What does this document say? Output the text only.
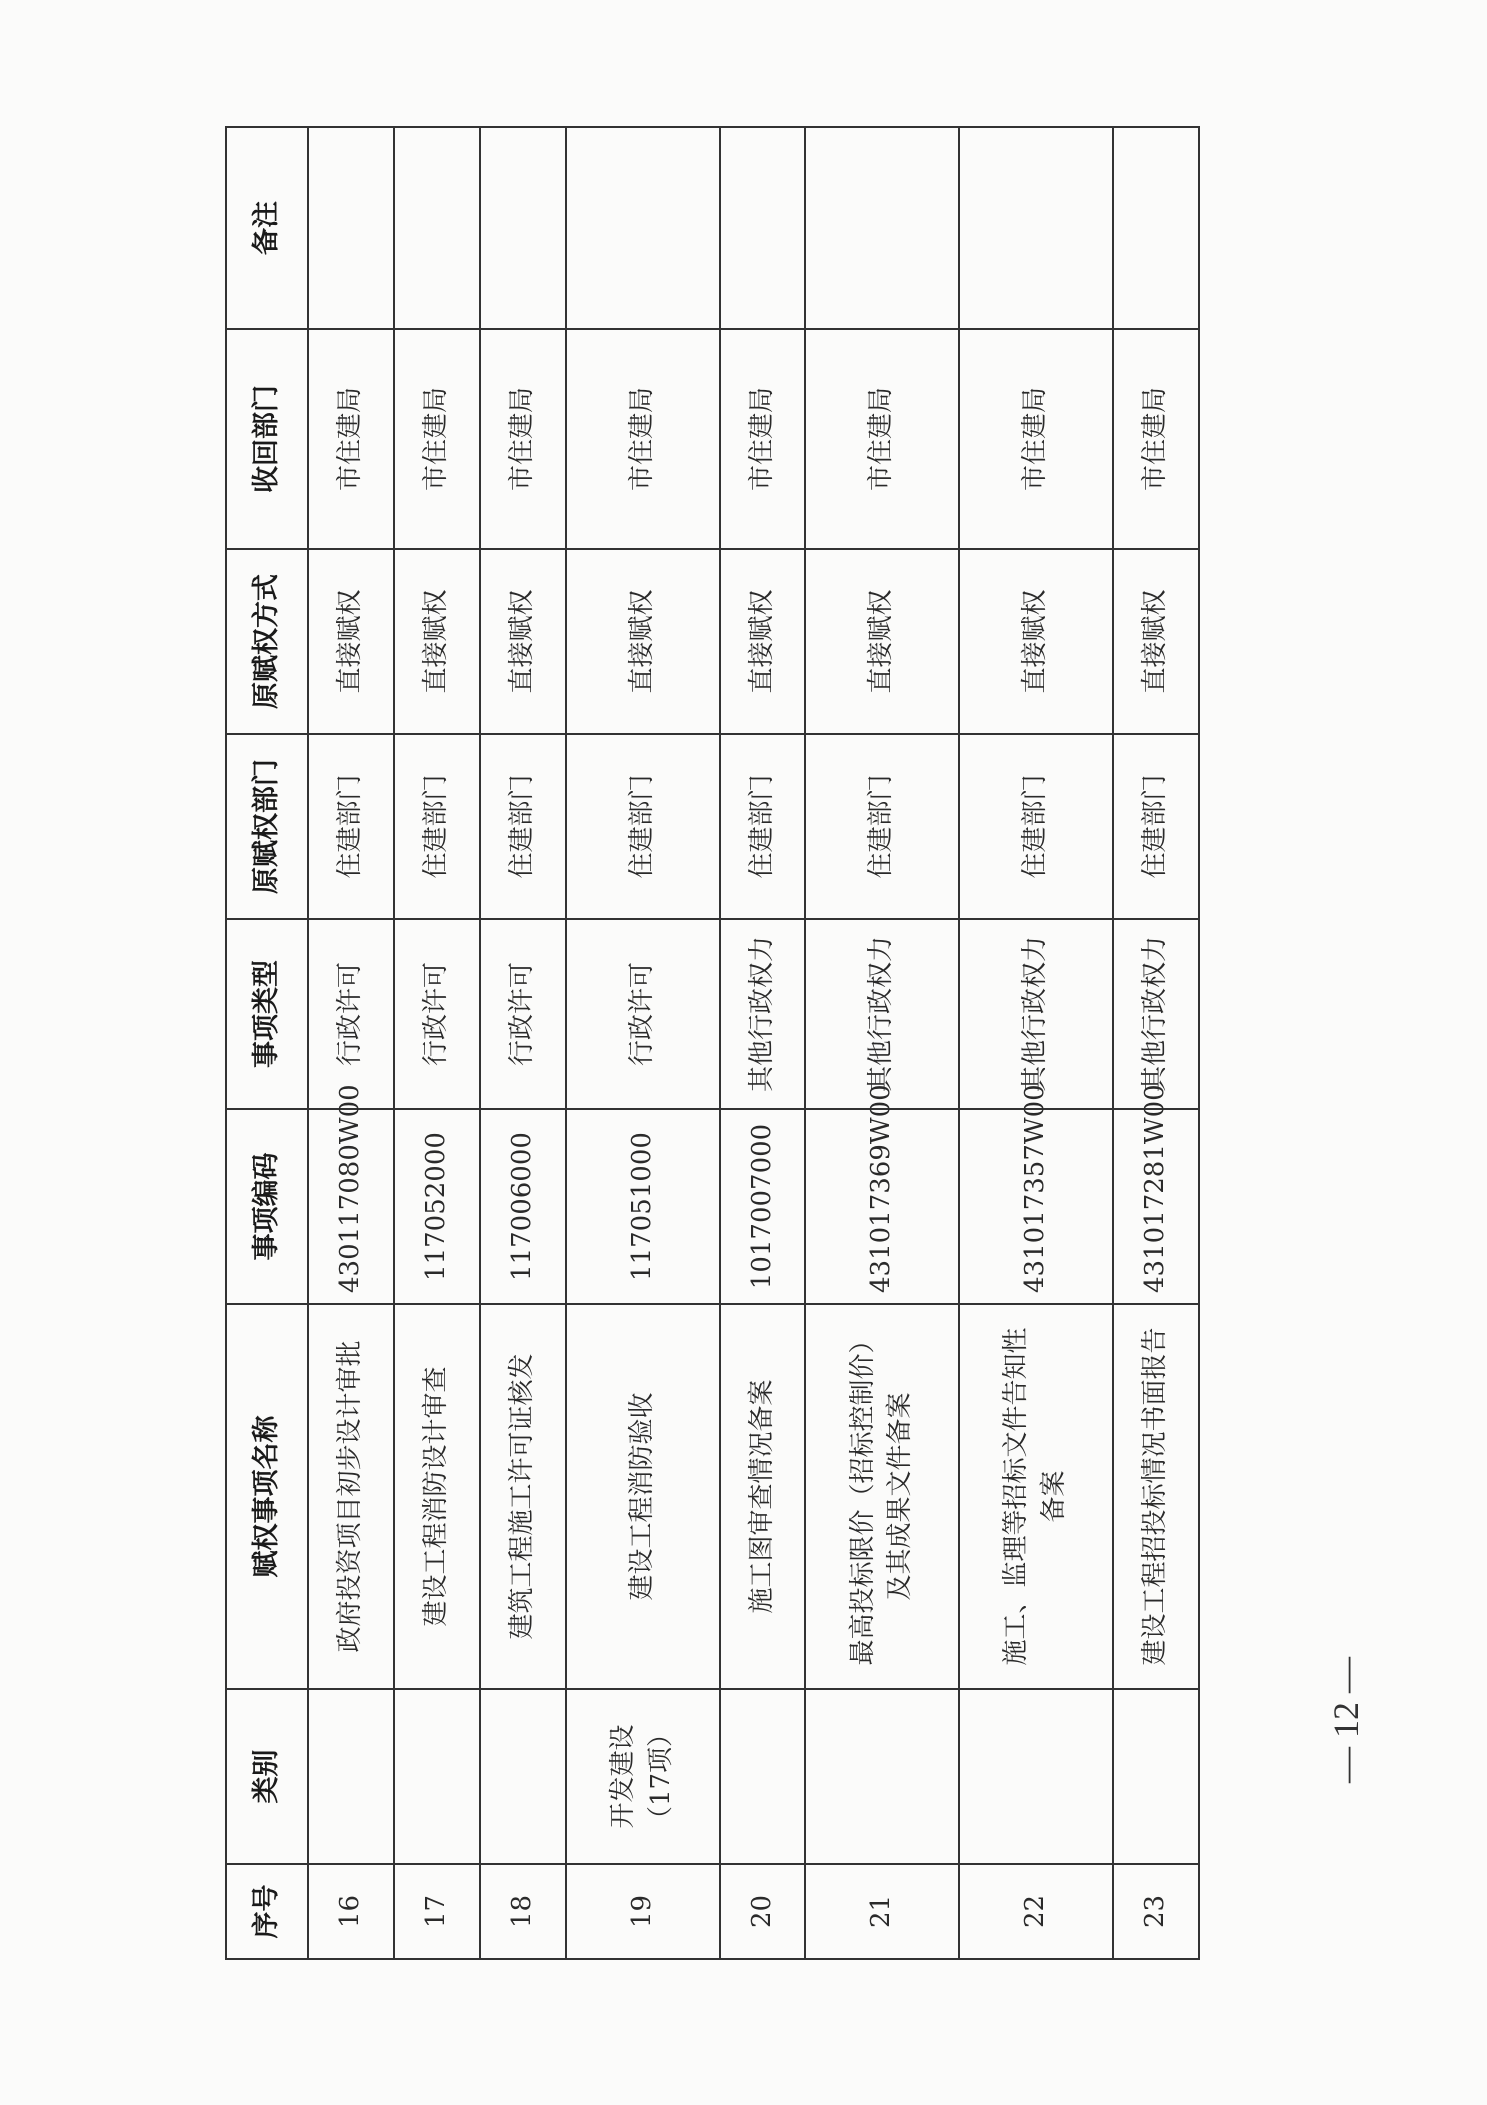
序号	类别	赋权事项名称	事项编码	事项类型	原赋权部门	原赋权方式	收回部门	备注
16		政府投资项目初步设计审批	430117080W00	行政许可	住建部门	直接赋权	市住建局	
17		建设工程消防设计审查	117052000	行政许可	住建部门	直接赋权	市住建局	
18		建筑工程施工许可证核发	117006000	行政许可	住建部门	直接赋权	市住建局	
19	开发建设 （17项）	建设工程消防验收	117051000	行政许可	住建部门	直接赋权	市住建局	
20		施工图审查情况备案	1017007000	其他行政权力	住建部门	直接赋权	市住建局	
21		最高投标限价（招标控制价）及其成果文件备案	431017369W00	其他行政权力	住建部门	直接赋权	市住建局	
22		施工、监理等招标文件告知性备案	431017357W00	其他行政权力	住建部门	直接赋权	市住建局	
23		建设工程招投标情况书面报告	431017281W00	其他行政权力	住建部门	直接赋权	市住建局	
— 12 —
